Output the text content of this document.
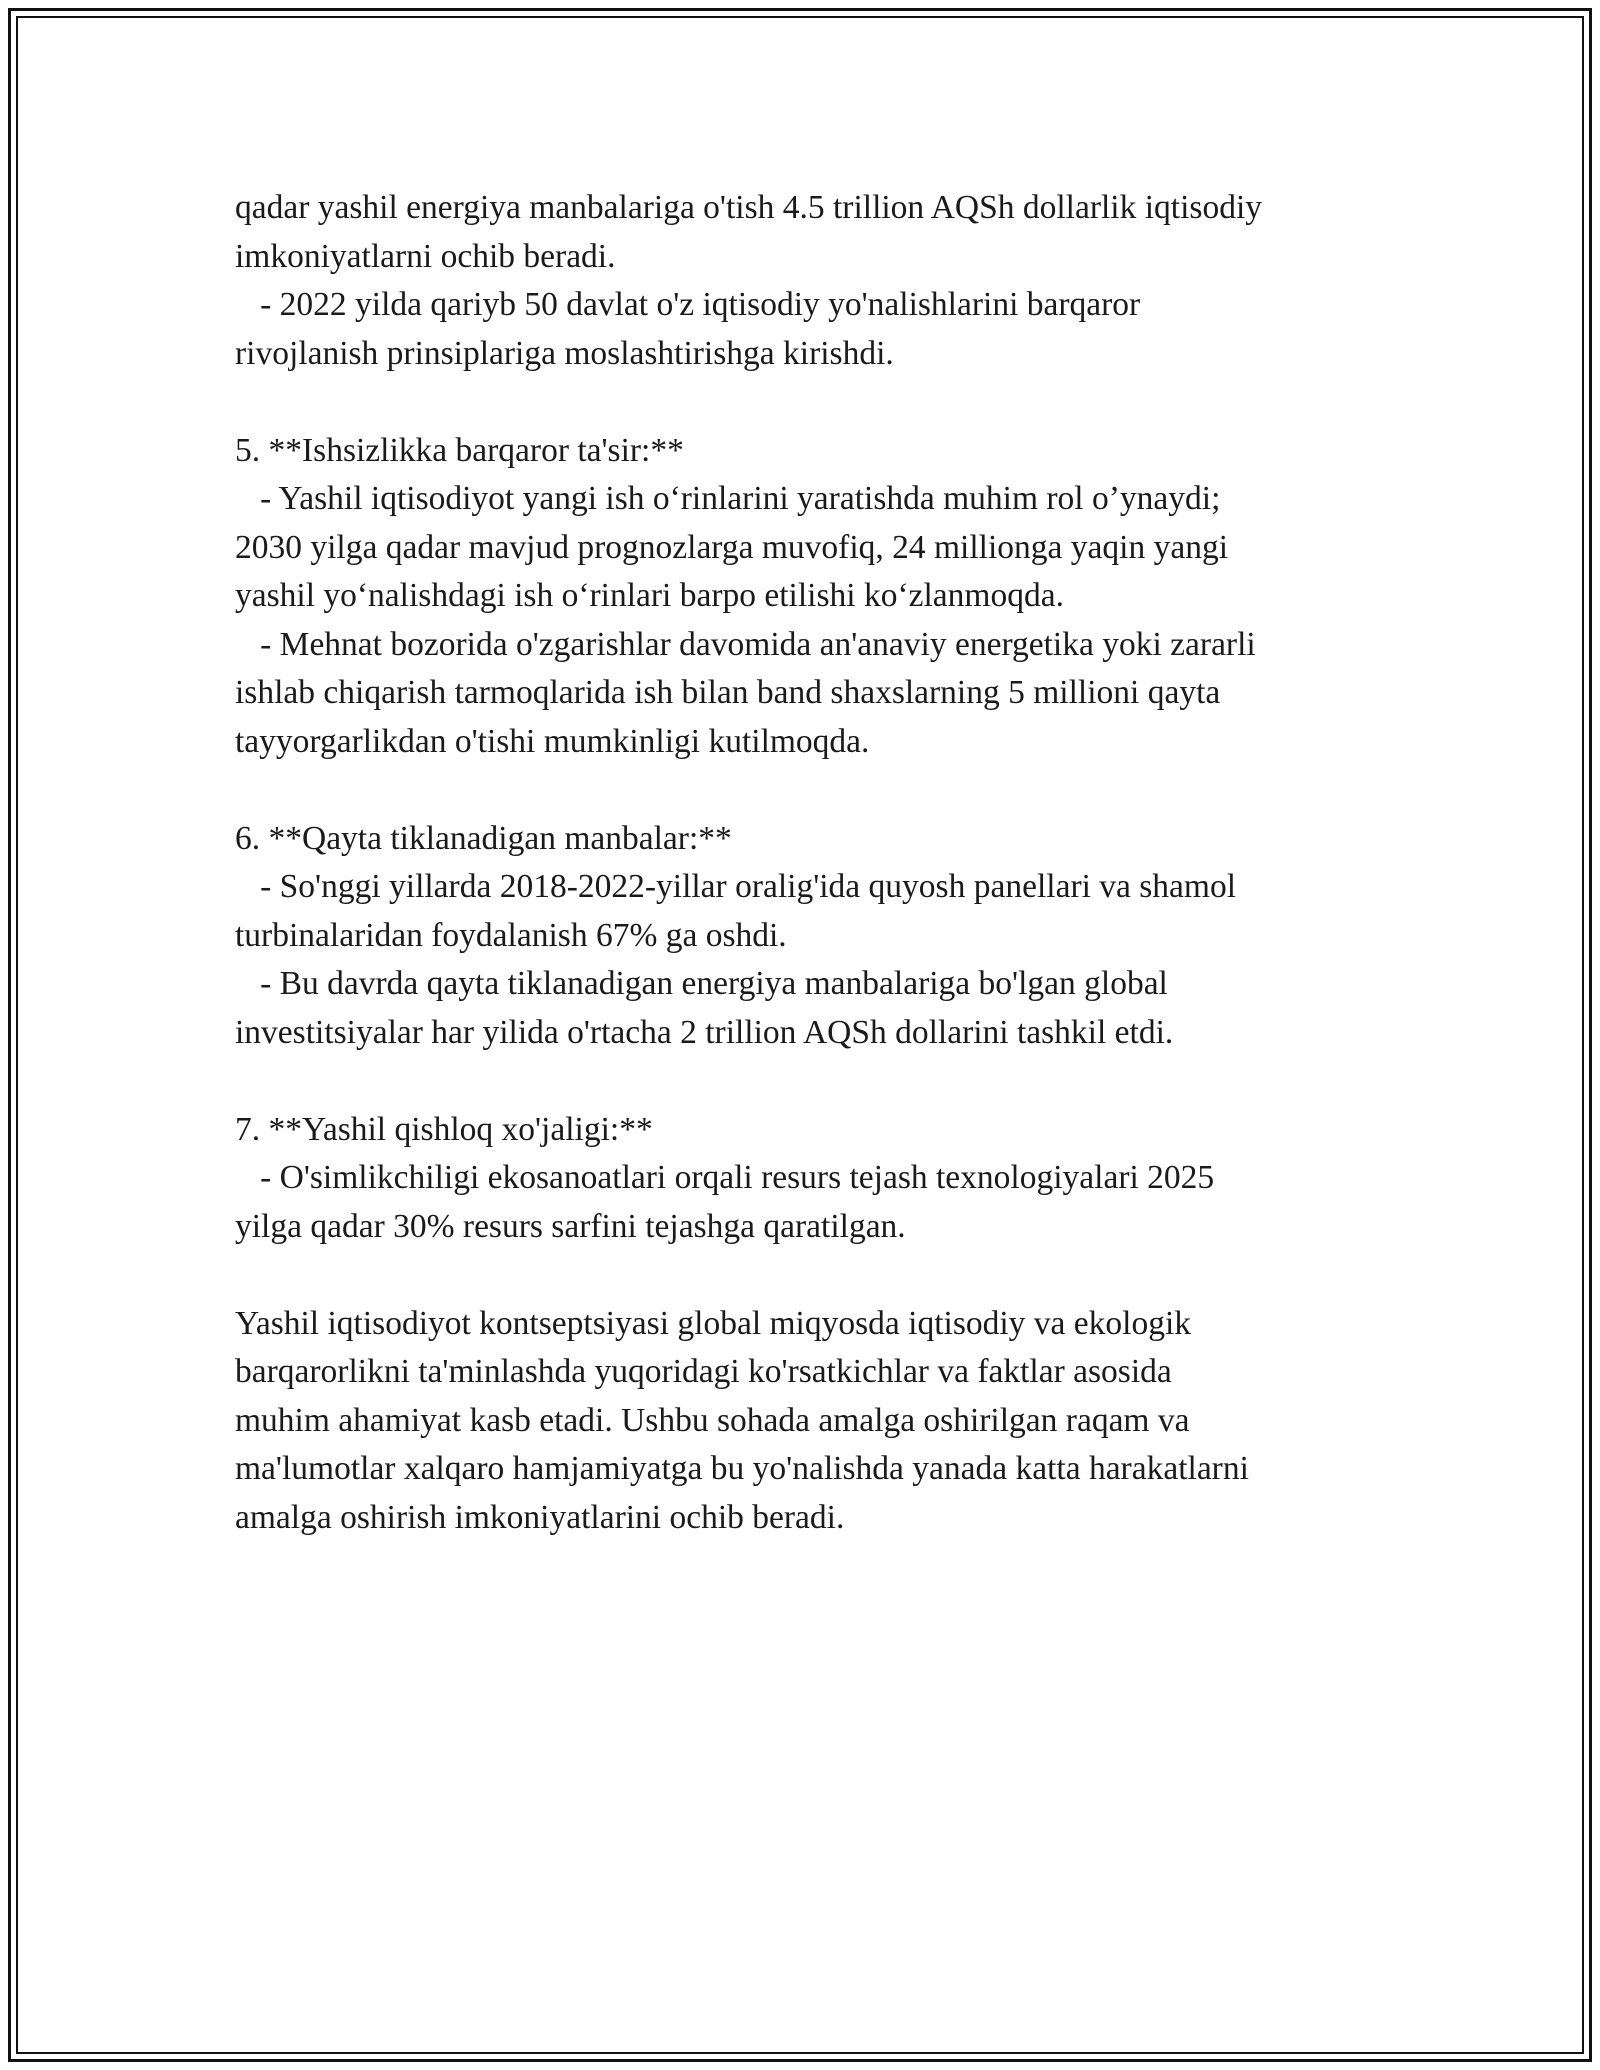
qadar yashil energiya manbalariga o'tish 4.5 trillion AQSh dollarlik iqtisodiy
imkoniyatlarni ochib beradi.
- 2022 yilda qariyb 50 davlat o'z iqtisodiy yo'nalishlarini barqaror
rivojlanish prinsiplariga moslashtirishga kirishdi.
5. **Ishsizlikka barqaror ta'sir:**
- Yashil iqtisodiyot yangi ish o‘rinlarini yaratishda muhim rol o’ynaydi;
2030 yilga qadar mavjud prognozlarga muvofiq, 24 millionga yaqin yangi
yashil yo‘nalishdagi ish o‘rinlari barpo etilishi ko‘zlanmoqda.
- Mehnat bozorida o'zgarishlar davomida an'anaviy energetika yoki zararli
ishlab chiqarish tarmoqlarida ish bilan band shaxslarning 5 millioni qayta
tayyorgarlikdan o'tishi mumkinligi kutilmoqda.
6. **Qayta tiklanadigan manbalar:**
- So'nggi yillarda 2018-2022-yillar oralig'ida quyosh panellari va shamol
turbinalaridan foydalanish 67% ga oshdi.
- Bu davrda qayta tiklanadigan energiya manbalariga bo'lgan global
investitsiyalar har yilida o'rtacha 2 trillion AQSh dollarini tashkil etdi.
7. **Yashil qishloq xo'jaligi:**
- O'simlikchiligi ekosanoatlari orqali resurs tejash texnologiyalari 2025
yilga qadar 30% resurs sarfini tejashga qaratilgan.
Yashil iqtisodiyot kontseptsiyasi global miqyosda iqtisodiy va ekologik
barqarorlikni ta'minlashda yuqoridagi ko'rsatkichlar va faktlar asosida
muhim ahamiyat kasb etadi. Ushbu sohada amalga oshirilgan raqam va
ma'lumotlar xalqaro hamjamiyatga bu yo'nalishda yanada katta harakatlarni
amalga oshirish imkoniyatlarini ochib beradi.
